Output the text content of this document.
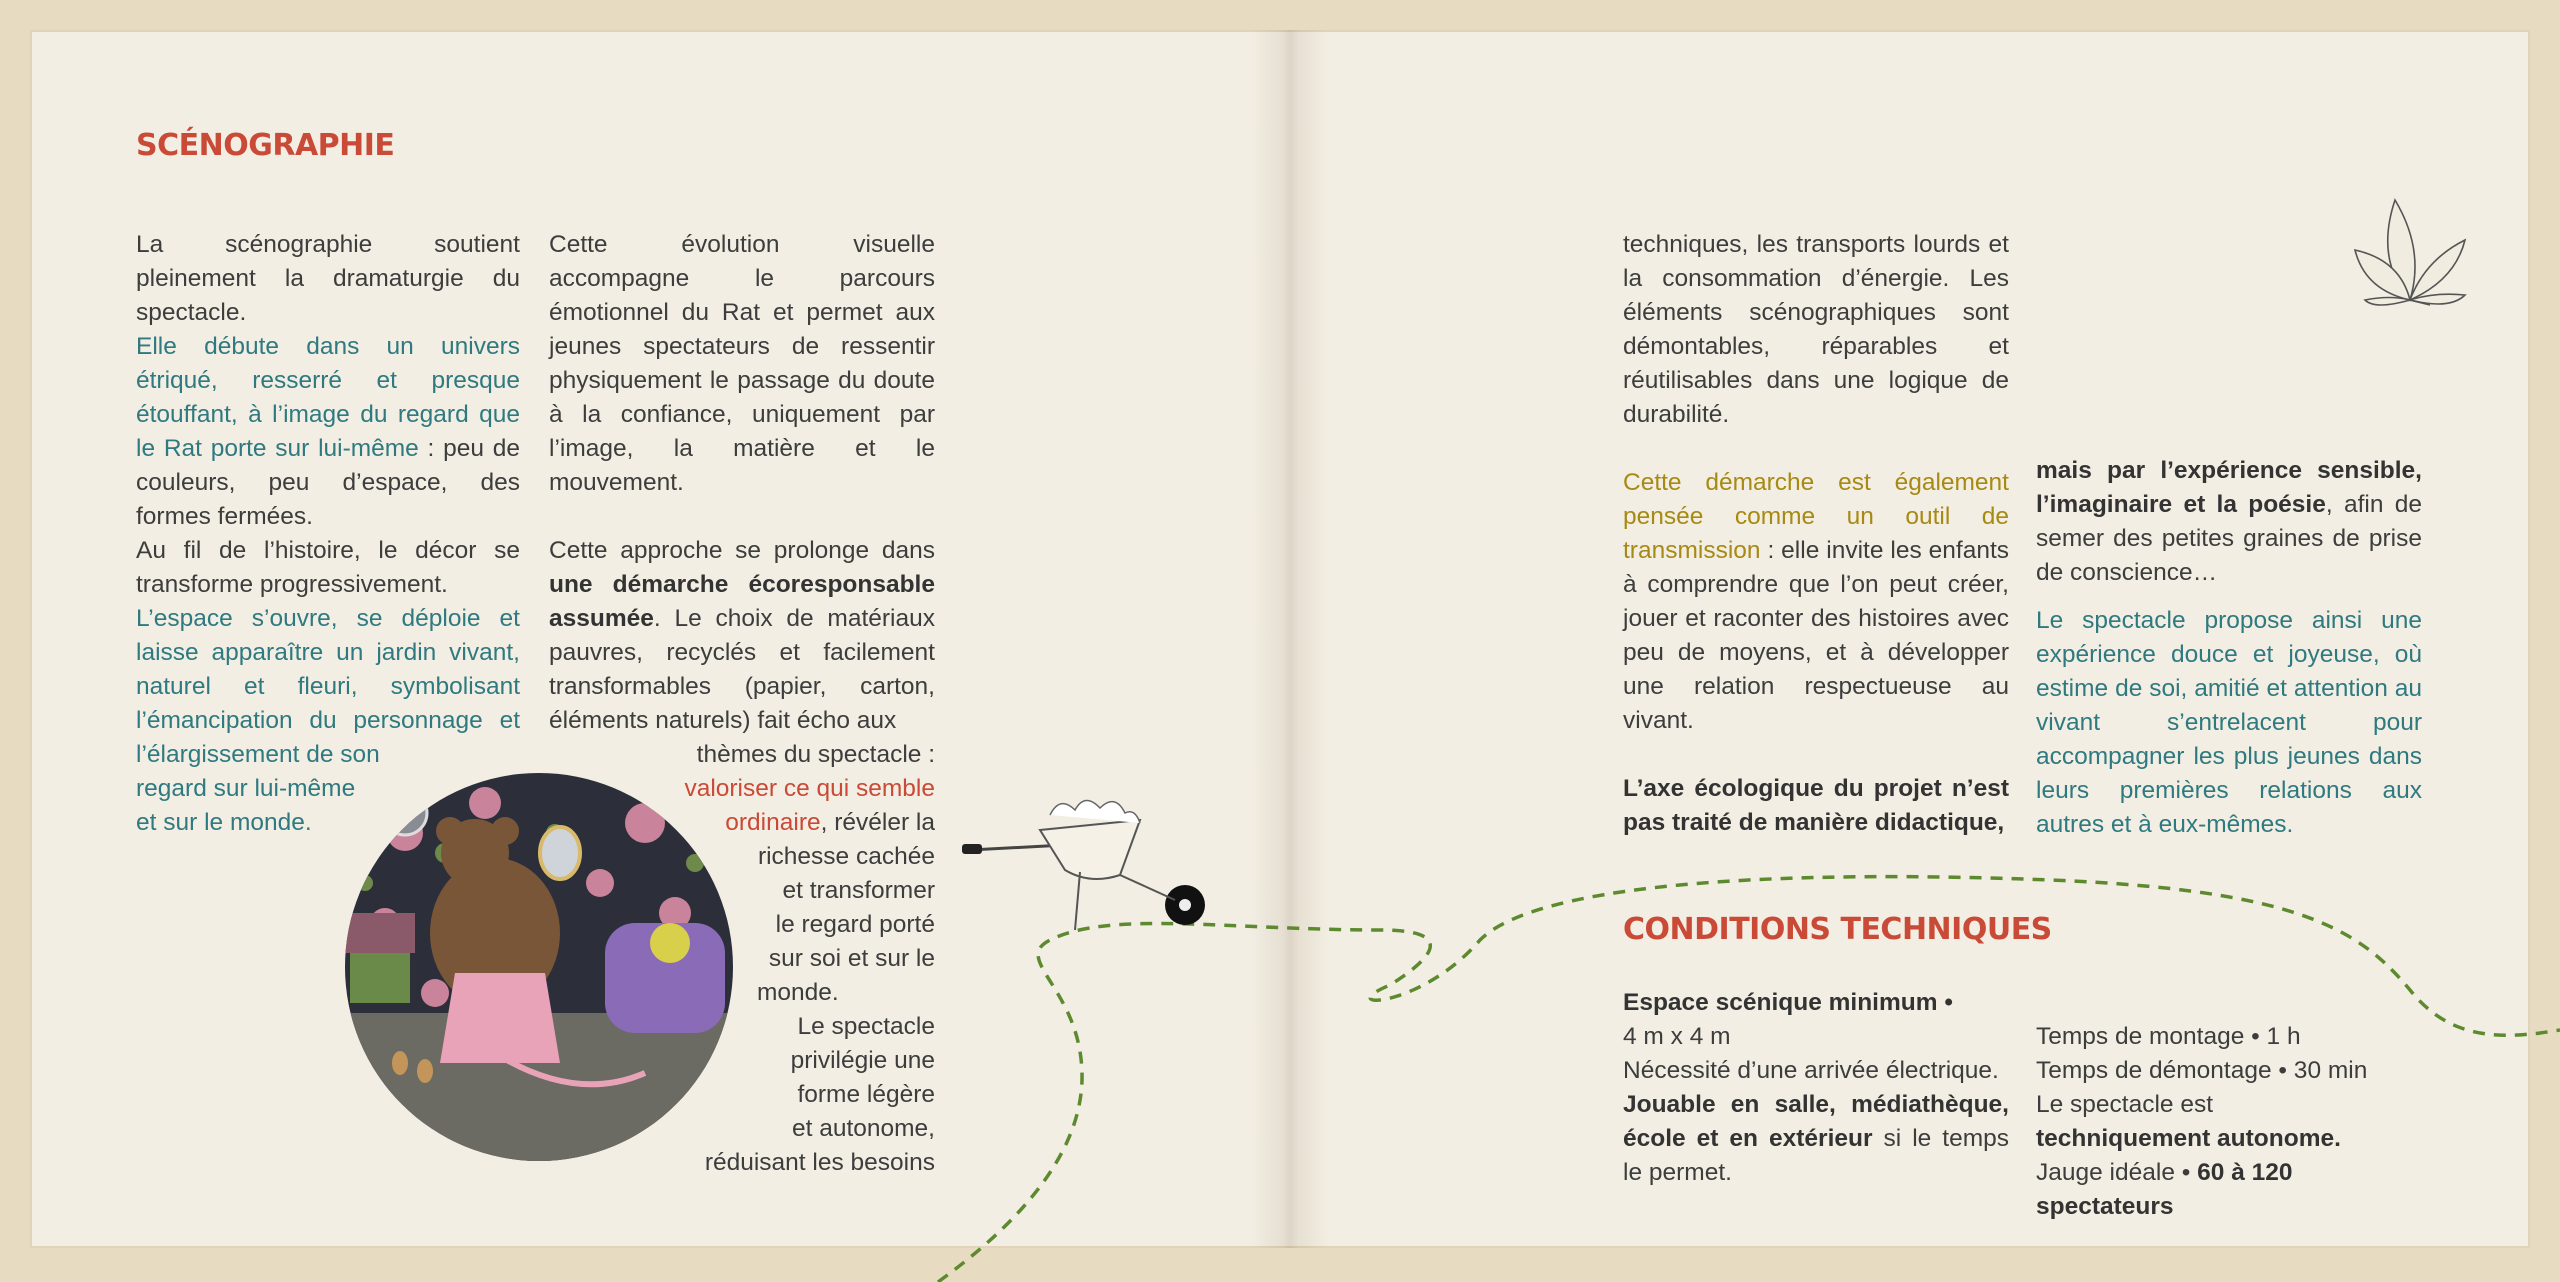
SCÉNOGRAPHIE

La scénographie soutient pleinement la dramaturgie du spectacle.

Elle débute dans un univers étriqué, resserré et presque étouffant, à l’image du regard que le Rat porte sur lui-même : peu de couleurs, peu d’espace, des formes fermées.

Au fil de l’histoire, le décor se transforme progressivement.

L’espace s’ouvre, se déploie et laisse apparaître un jardin vivant, naturel et fleuri, symbolisant l’émancipation du personnage et l’élargissement de son

regard sur lui-même

et sur le monde.

Cette évolution visuelle accompagne le parcours émotionnel du Rat et permet aux jeunes spectateurs de ressentir physiquement le passage du doute à la confiance, uniquement par l’image, la matière et le mouvement.

Cette approche se prolonge dans une démarche écoresponsable assumée. Le choix de matériaux pauvres, recyclés et facilement transformables (papier, carton, éléments naturels) fait écho aux

thèmes du spectacle :

valoriser ce qui semble

ordinaire, révéler la

richesse cachée

et transformer

le regard porté

sur soi et sur le

monde.

Le spectacle

privilégie une

forme légère

et autonome,

réduisant les besoins

techniques, les transports lourds et la consommation d’énergie. Les éléments scénographiques sont démontables, réparables et réutilisables dans une logique de durabilité.

Cette démarche est également pensée comme un outil de transmission : elle invite les enfants à comprendre que l’on peut créer, jouer et raconter des histoires avec peu de moyens, et à développer une relation respectueuse au vivant.

L’axe écologique du projet n’est pas traité de manière didactique,

mais par l’expérience sensible, l’imaginaire et la poésie, afin de semer des petites graines de prise de conscience…

Le spectacle propose ainsi une expérience douce et joyeuse, où estime de soi, amitié et attention au vivant s’entrelacent pour accompagner les plus jeunes dans leurs premières relations aux autres et à eux-mêmes.

CONDITIONS TECHNIQUES

Espace scénique minimum •

4 m x 4 m

Nécessité d’une arrivée électrique.

Jouable en salle, médiathèque, école et en extérieur si le temps le permet.

Temps de montage • 1 h

Temps de démontage • 30 min

Le spectacle est

techniquement autonome.

Jauge idéale • 60 à 120 spectateurs
